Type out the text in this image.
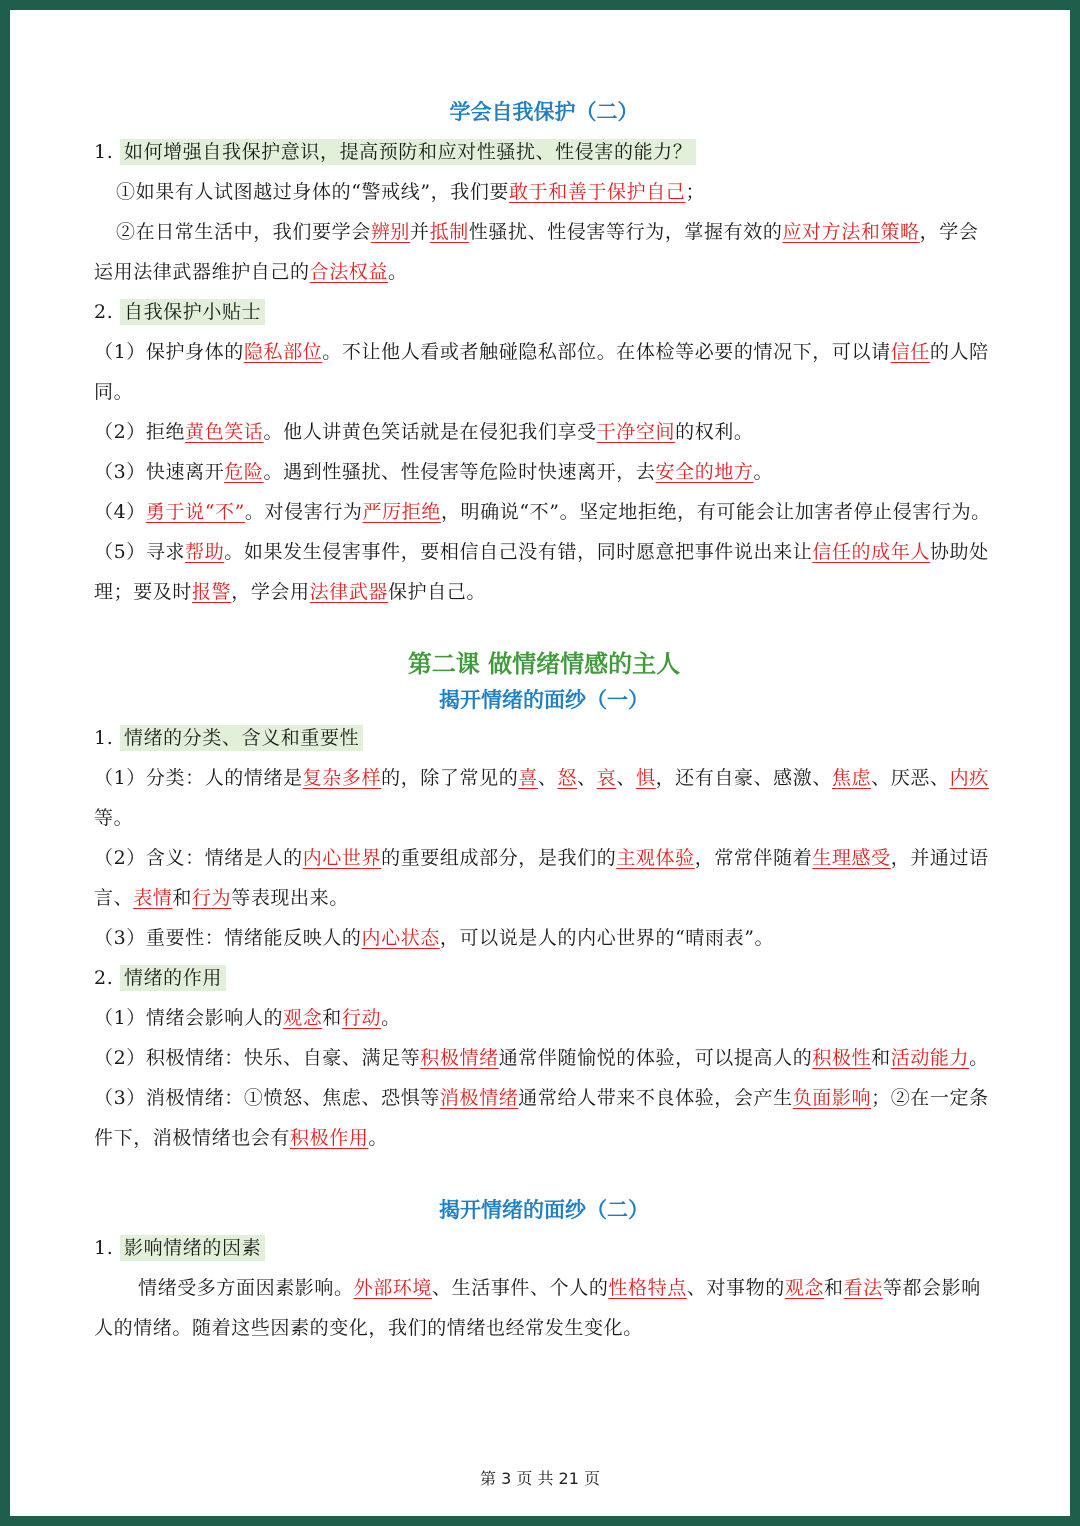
学会自我保护（二）

1. 如何增强自我保护意识，提高预防和应对性骚扰、性侵害的能力？

①如果有人试图越过身体的“警戒线”，我们要敢于和善于保护自己；

②在日常生活中，我们要学会辨别并抵制性骚扰、性侵害等行为，掌握有效的应对方法和策略，学会运用法律武器维护自己的合法权益。

2. 自我保护小贴士

（1）保护身体的隐私部位。不让他人看或者触碰隐私部位。在体检等必要的情况下，可以请信任的人陪同。

（2）拒绝黄色笑话。他人讲黄色笑话就是在侵犯我们享受干净空间的权利。

（3）快速离开危险。遇到性骚扰、性侵害等危险时快速离开，去安全的地方。

（4）勇于说“不”。对侵害行为严厉拒绝，明确说“不”。坚定地拒绝，有可能会让加害者停止侵害行为。

（5）寻求帮助。如果发生侵害事件，要相信自己没有错，同时愿意把事件说出来让信任的成年人协助处理；要及时报警，学会用法律武器保护自己。

第二课 做情绪情感的主人

揭开情绪的面纱（一）

1. 情绪的分类、含义和重要性

（1）分类：人的情绪是复杂多样的，除了常见的喜、怒、哀、惧，还有自豪、感激、焦虑、厌恶、内疚等。

（2）含义：情绪是人的内心世界的重要组成部分，是我们的主观体验，常常伴随着生理感受，并通过语言、表情和行为等表现出来。

（3）重要性：情绪能反映人的内心状态，可以说是人的内心世界的“晴雨表”。

2. 情绪的作用

（1）情绪会影响人的观念和行动。

（2）积极情绪：快乐、自豪、满足等积极情绪通常伴随愉悦的体验，可以提高人的积极性和活动能力。

（3）消极情绪：①愤怒、焦虑、恐惧等消极情绪通常给人带来不良体验，会产生负面影响；②在一定条件下，消极情绪也会有积极作用。

揭开情绪的面纱（二）

1. 影响情绪的因素

情绪受多方面因素影响。外部环境、生活事件、个人的性格特点、对事物的观念和看法等都会影响人的情绪。随着这些因素的变化，我们的情绪也经常发生变化。

第 3 页 共 21 页
